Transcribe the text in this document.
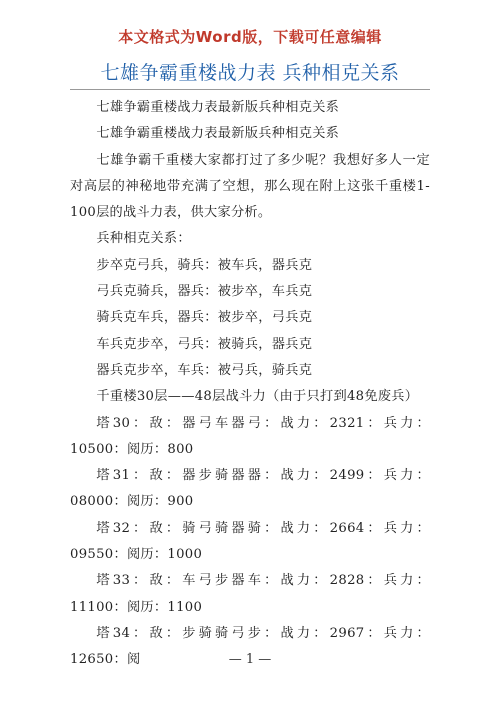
本文格式为Word版，下载可任意编辑
七雄争霸重楼战力表 兵种相克关系

七雄争霸重楼战力表最新版兵种相克关系

七雄争霸重楼战力表最新版兵种相克关系

七雄争霸千重楼大家都打过了多少呢？我想好多人一定对高层的神秘地带充满了空想，那么现在附上这张千重楼1-100层的战斗力表，供大家分析。

兵种相克关系：

步卒克弓兵，骑兵：被车兵，器兵克

弓兵克骑兵，器兵：被步卒，车兵克

骑兵克车兵，器兵：被步卒，弓兵克

车兵克步卒，弓兵：被骑兵，器兵克

器兵克步卒，车兵：被弓兵，骑兵克

千重楼30层——48层战斗力（由于只打到48免废兵）

塔30：敌：器弓车器弓：战力：2321：兵力：10500：阅历：800

塔31：敌：器步骑器器：战力：2499：兵力：08000：阅历：900

塔32：敌：骑弓骑器骑：战力：2664：兵力：09550：阅历：1000

塔33：敌：车弓步器车：战力：2828：兵力：11100：阅历：1100

塔34：敌：步骑骑弓步：战力：2967：兵力：12650：阅	— 1 —
